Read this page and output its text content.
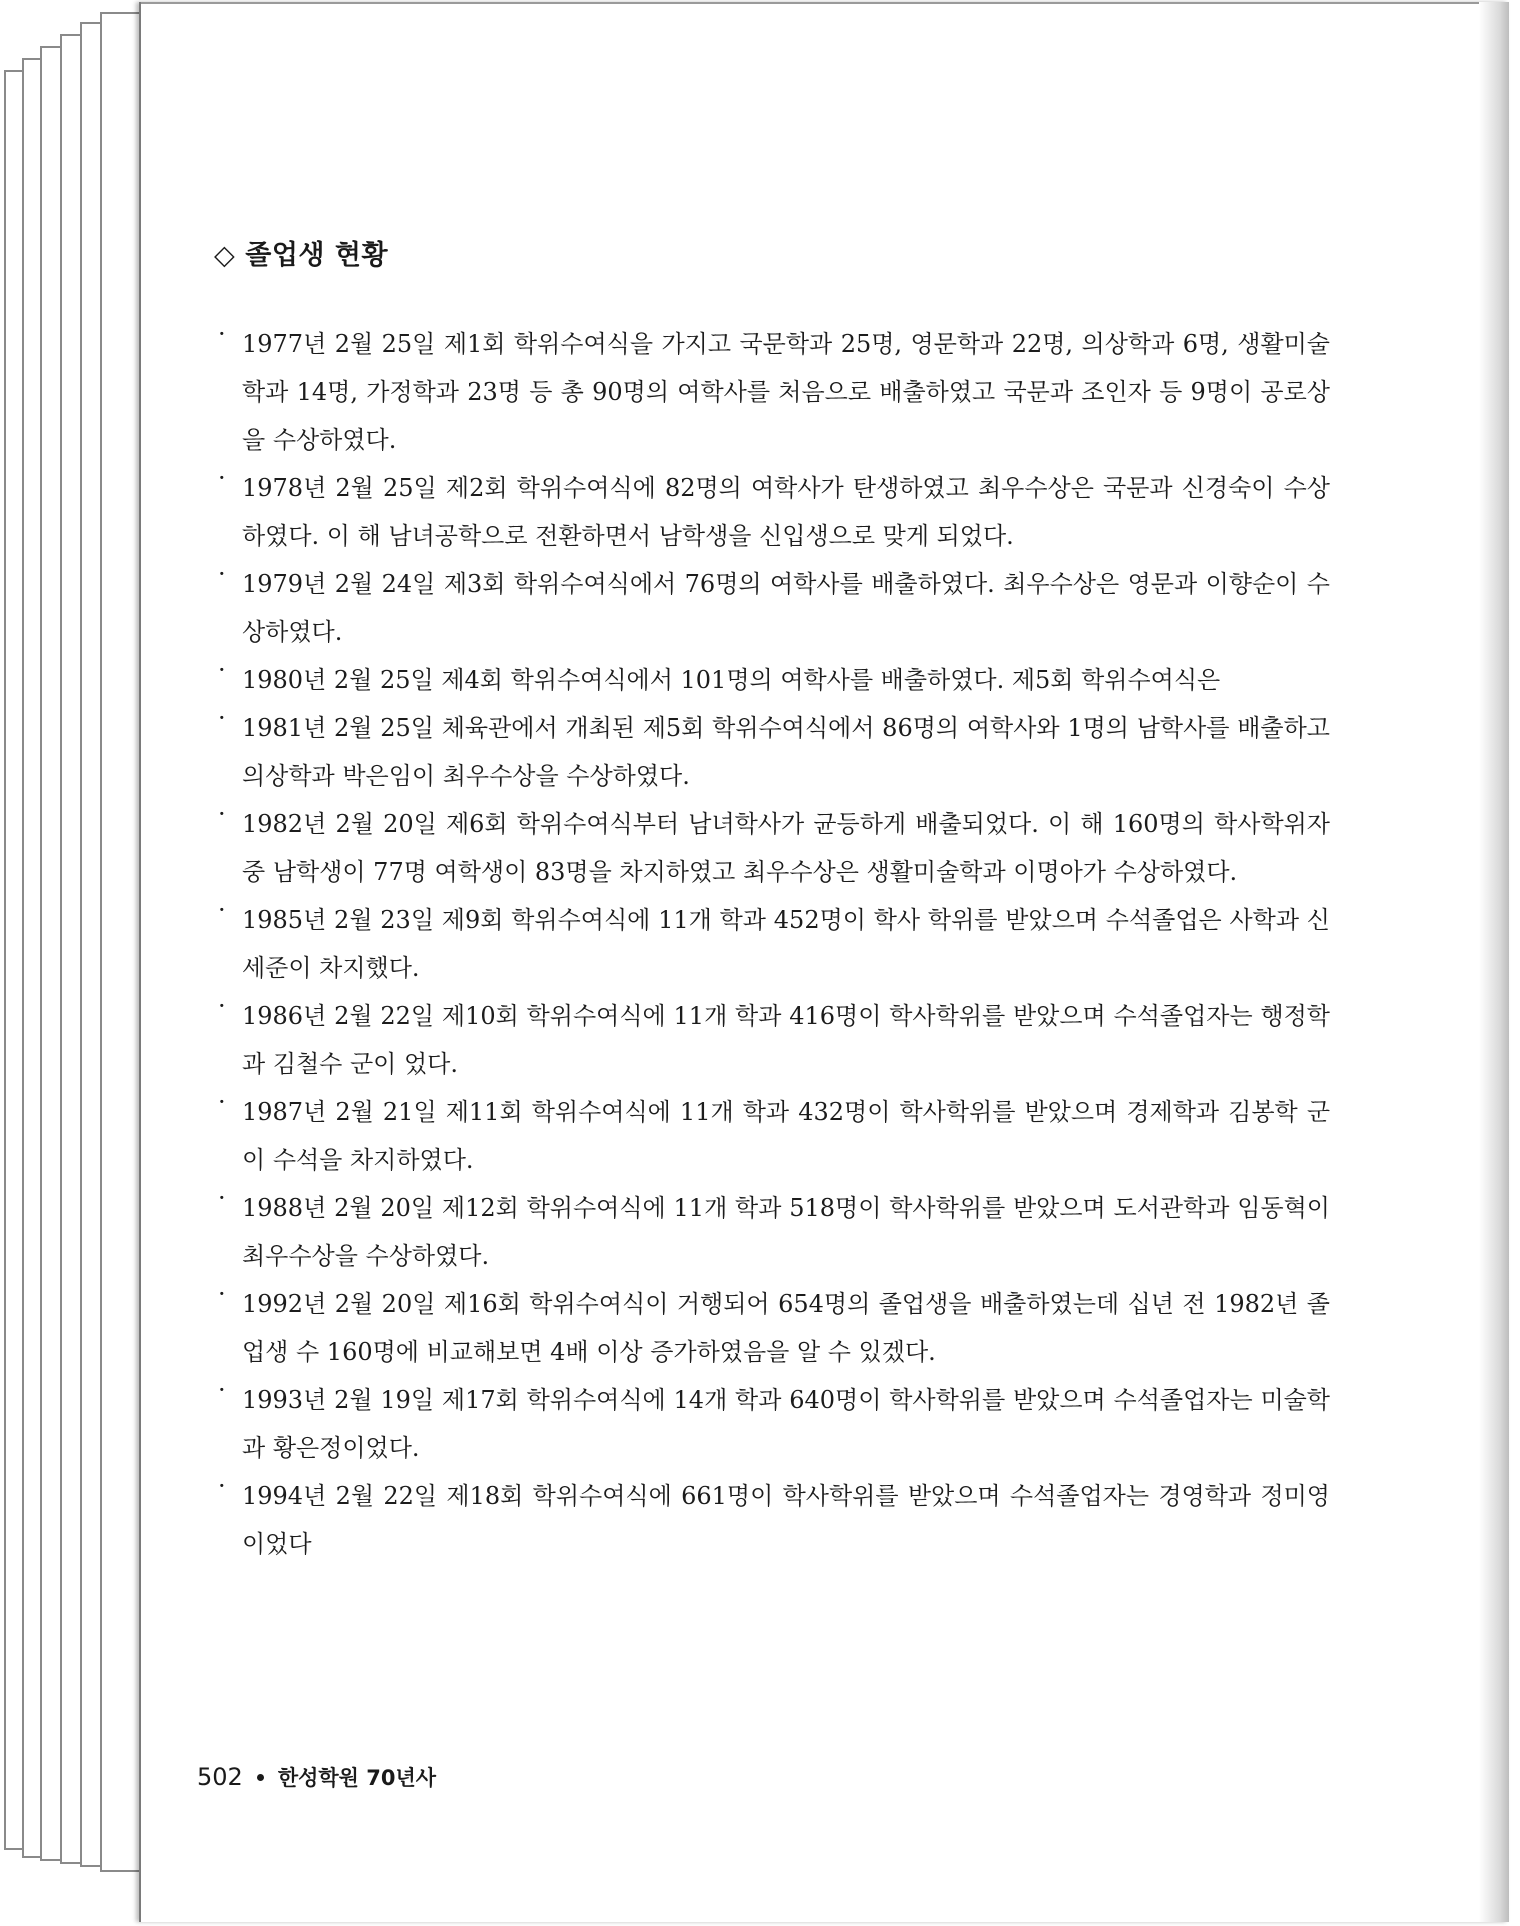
◇ 졸업생 현황

· 1977년 2월 25일 제1회 학위수여식을 가지고 국문학과 25명, 영문학과 22명, 의상학과 6명, 생활미술학과 14명, 가정학과 23명 등 총 90명의 여학사를 처음으로 배출하였고 국문과 조인자 등 9명이 공로상을 수상하였다.

· 1978년 2월 25일 제2회 학위수여식에 82명의 여학사가 탄생하였고 최우수상은 국문과 신경숙이 수상하였다. 이 해 남녀공학으로 전환하면서 남학생을 신입생으로 맞게 되었다.

· 1979년 2월 24일 제3회 학위수여식에서 76명의 여학사를 배출하였다. 최우수상은 영문과 이향순이 수상하였다.

· 1980년 2월 25일 제4회 학위수여식에서 101명의 여학사를 배출하였다. 제5회 학위수여식은

· 1981년 2월 25일 체육관에서 개최된 제5회 학위수여식에서 86명의 여학사와 1명의 남학사를 배출하고 의상학과 박은임이 최우수상을 수상하였다.

· 1982년 2월 20일 제6회 학위수여식부터 남녀학사가 균등하게 배출되었다. 이 해 160명의 학사학위자 중 남학생이 77명 여학생이 83명을 차지하였고 최우수상은 생활미술학과 이명아가 수상하였다.

· 1985년 2월 23일 제9회 학위수여식에 11개 학과 452명이 학사 학위를 받았으며 수석졸업은 사학과 신세준이 차지했다.

· 1986년 2월 22일 제10회 학위수여식에 11개 학과 416명이 학사학위를 받았으며 수석졸업자는 행정학과 김철수 군이 었다.

· 1987년 2월 21일 제11회 학위수여식에 11개 학과 432명이 학사학위를 받았으며 경제학과 김봉학 군이 수석을 차지하였다.

· 1988년 2월 20일 제12회 학위수여식에 11개 학과 518명이 학사학위를 받았으며 도서관학과 임동혁이 최우수상을 수상하였다.

· 1992년 2월 20일 제16회 학위수여식이 거행되어 654명의 졸업생을 배출하였는데 십년 전 1982년 졸업생 수 160명에 비교해보면 4배 이상 증가하였음을 알 수 있겠다.

· 1993년 2월 19일 제17회 학위수여식에 14개 학과 640명이 학사학위를 받았으며 수석졸업자는 미술학과 황은정이었다.

· 1994년 2월 22일 제18회 학위수여식에 661명이 학사학위를 받았으며 수석졸업자는 경영학과 정미영이었다

502 한성학원 70년사
